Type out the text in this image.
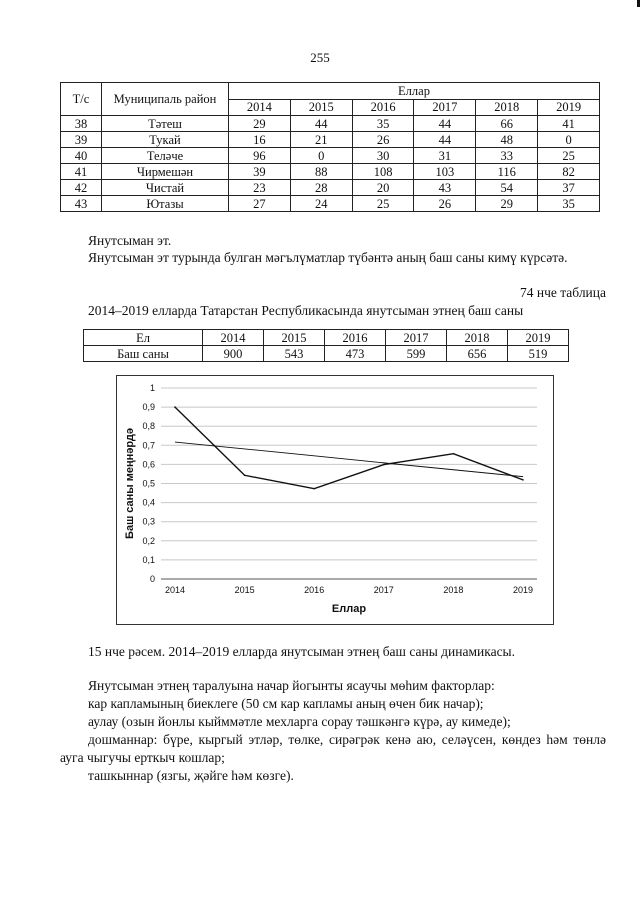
255
Т/с	Муниципаль район	Еллар					
		2014	2015	2016	2017	2018	2019
38	Тәтеш	29	44	35	44	66	41
39	Тукай	16	21	26	44	48	0
40	Теләче	96	0	30	31	33	25
41	Чирмешән	39	88	108	103	116	82
42	Чистай	23	28	20	43	54	37
43	Ютазы	27	24	25	26	29	35
Янутсыман эт.
Янутсыман эт турында булган мәгълүматлар түбәнтә аның баш саны кимү күрсәтә.
74 нче таблица
2014–2019 елларда Татарстан Республикасында янутсыман этнең баш саны
Ел	2014	2015	2016	2017	2018	2019
Баш саны	900	543	473	599	656	519
0
0,1
0,2
0,3
0,4
0,5
0,6
0,7
0,8
0,9
1
2014	2015	2016	2017	2018	2019
Еллар
Баш саны меңнәрдә
15 нче рәсем. 2014–2019 елларда янутсыман этнең баш саны динамикасы.
Янутсыман этнең таралуына начар йогынты ясаучы мөһим факторлар:
кар капламының биеклеге (50 см кар капламы аның өчен бик начар);
аулау (озын йонлы кыйммәтле мехларга сорау тәшкәнгә күрә, ау кимеде);
дошманнар: бүре, кыргый этләр, төлке, сирәгрәк кенә аю, селәүсен, көндез һәм төнлә ауга чыгучы ерткыч кошлар;
ташкыннар (язгы, җәйге һәм көзге).
